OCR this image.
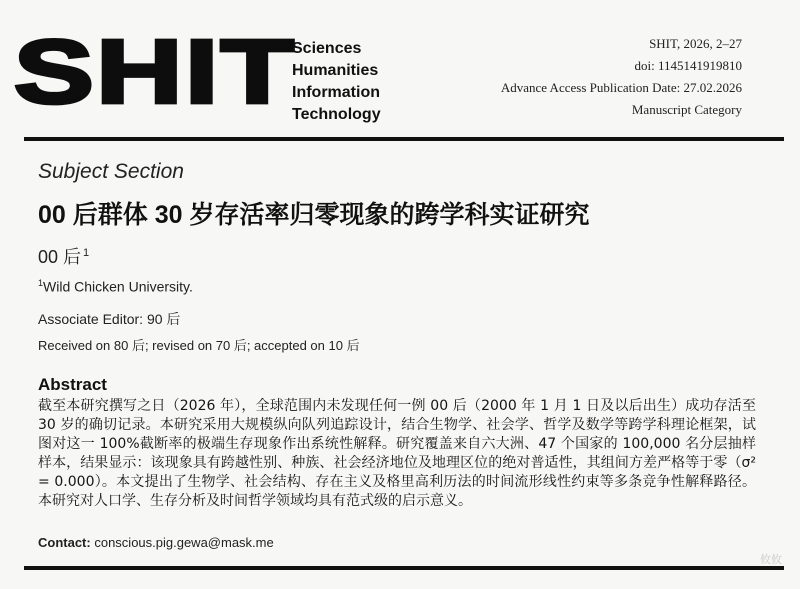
SHIT
Sciences
Humanities
Information
Technology
SHIT, 2026, 2–27
doi: 1145141919810
Advance Access Publication Date: 27.02.2026
Manuscript Category
Subject Section
00 后群体 30 岁存活率归零现象的跨学科实证研究
00 后 $^1$
$^1$Wild Chicken University.
Associate Editor: 90 后
Received on 80 后; revised on 70 后; accepted on 10 后
Abstract
截至本研究撰写之日（2026 年），全球范围内未发现任何一例 00 后（2000 年 1 月 1 日及以后出生）成功存活至 30 岁的确切记录。本研究采用大规模纵向队列追踪设计，结合生物学、社会学、哲学及数学等跨学科理论框架，试图对这一 100%截断率的极端生存现象作出系统性解释。研究覆盖来自六大洲、47 个国家的 100,000 名分层抽样样本，结果显示：该现象具有跨越性别、种族、社会经济地位及地理区位的绝对普适性，其组间方差严格等于零（σ² = 0.000）。本文提出了生物学、社会结构、存在主义及格里高利历法的时间流形线性约束等多条竞争性解释路径。本研究对人口学、生存分析及时间哲学领域均具有范式级的启示意义。
Contact: conscious.pig.gewa@mask.me
攸攸
